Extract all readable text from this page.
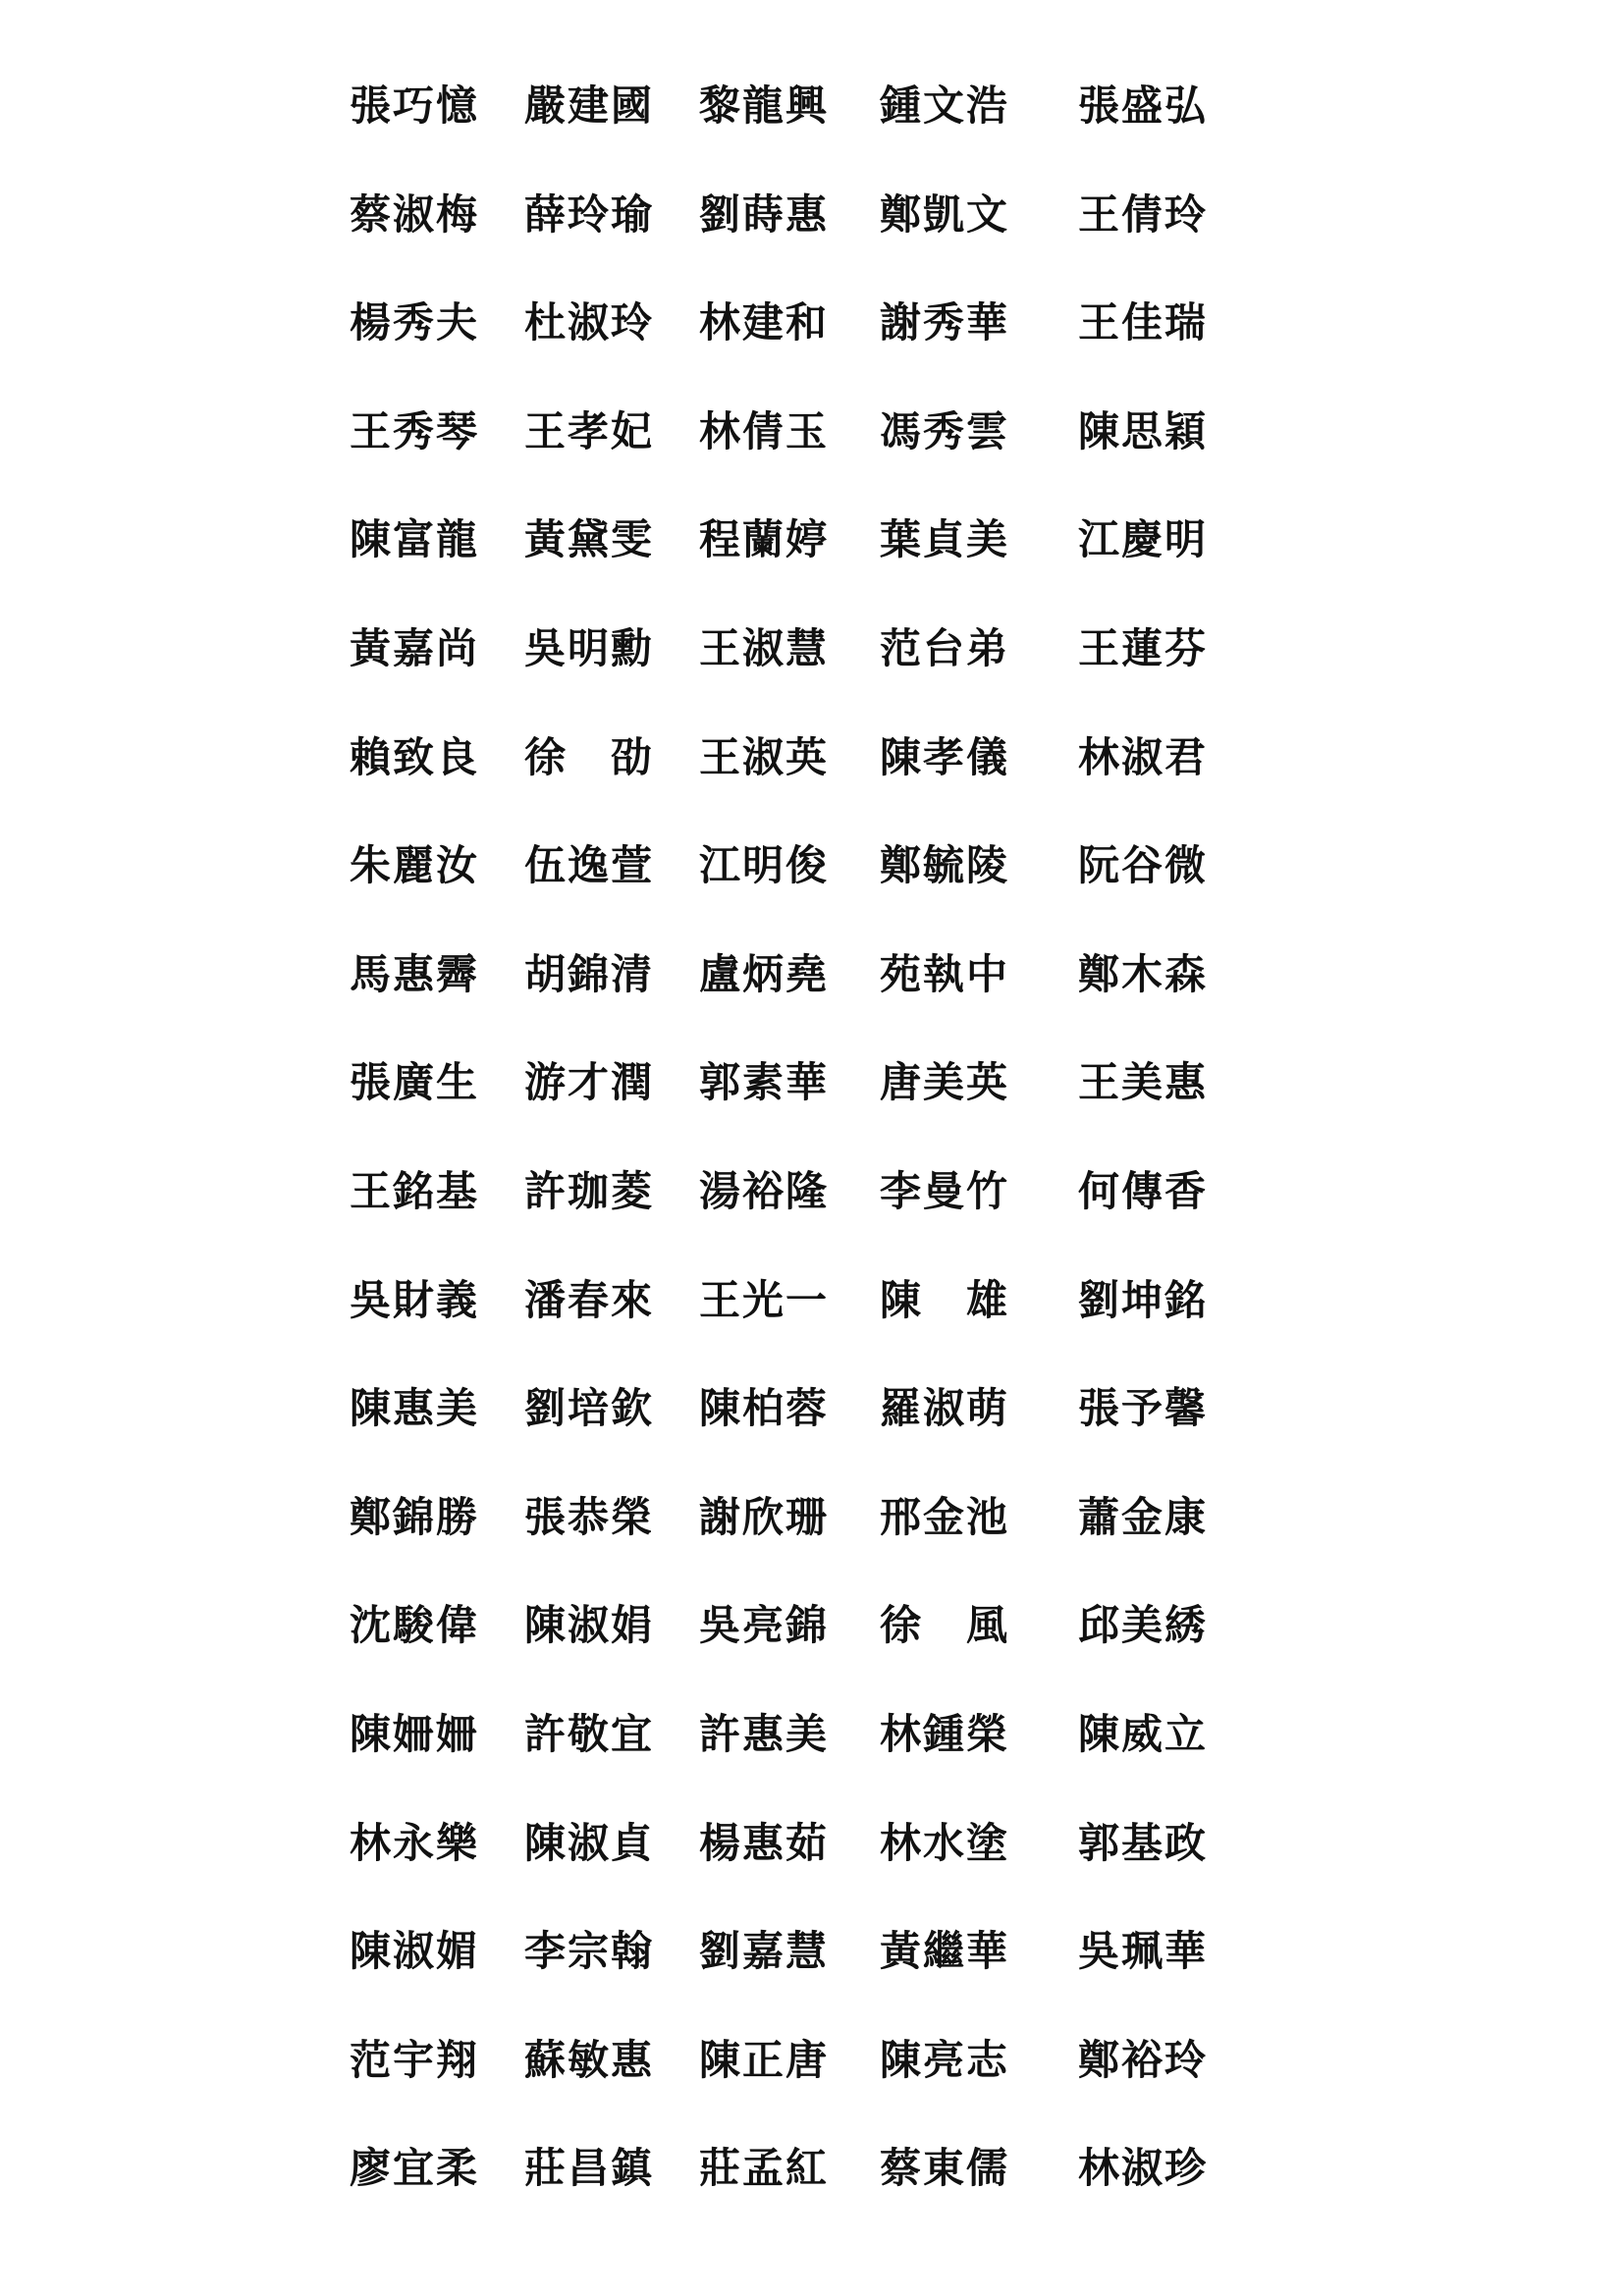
張巧憶 嚴建國 黎龍興 鍾文浩 張盛弘
蔡淑梅 薛玲瑜 劉蒔惠 鄭凱文 王倩玲
楊秀夫 杜淑玲 林建和 謝秀華 王佳瑞
王秀琴 王孝妃 林倩玉 馮秀雲 陳思穎
陳富龍 黃黛雯 程蘭婷 葉貞美 江慶明
黃嘉尚 吳明勳 王淑慧 范台弟 王蓮芬
賴致良 徐　劭 王淑英 陳孝儀 林淑君
朱麗汝 伍逸萱 江明俊 鄭毓陵 阮谷微
馬惠霽 胡錦清 盧炳堯 苑執中 鄭木森
張廣生 游才潤 郭素華 唐美英 王美惠
王銘基 許珈菱 湯裕隆 李曼竹 何傳香
吳財義 潘春來 王光一 陳　雄 劉坤銘
陳惠美 劉培欽 陳柏蓉 羅淑萌 張予馨
鄭錦勝 張恭榮 謝欣珊 邢金池 蕭金康
沈駿偉 陳淑娟 吳亮錦 徐　風 邱美綉
陳姍姍 許敬宜 許惠美 林鍾榮 陳威立
林永樂 陳淑貞 楊惠茹 林水塗 郭基政
陳淑媚 李宗翰 劉嘉慧 黃繼華 吳珮華
范宇翔 蘇敏惠 陳正唐 陳亮志 鄭裕玲
廖宜柔 莊昌鎮 莊孟紅 蔡東儒 林淑珍
